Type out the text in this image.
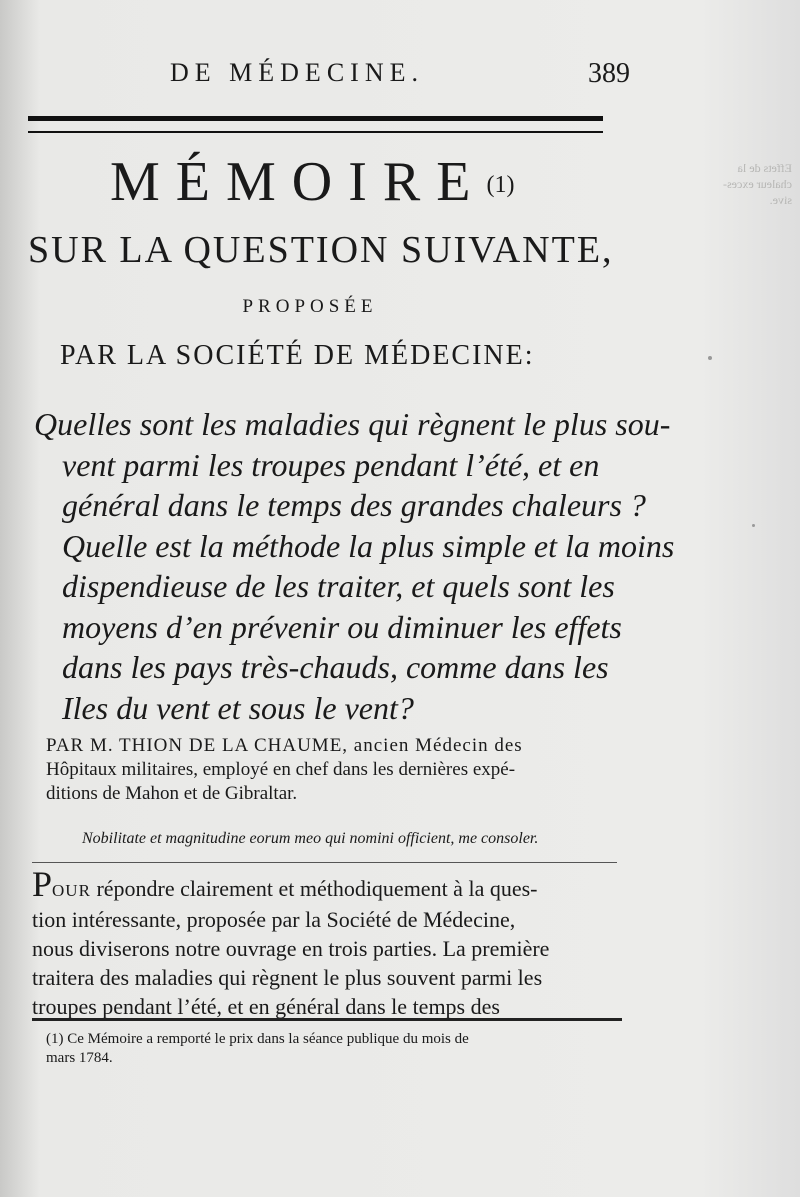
Effets de la
chaleur exces-
sive.
DE MÉDECINE.	389
MÉMOIRE(1)
SUR LA QUESTION SUIVANTE,
PROPOSÉE
PAR LA SOCIÉTÉ DE MÉDECINE:
Quelles sont les maladies qui règnent le plus sou-
vent parmi les troupes pendant l’été, et en
général dans le temps des grandes chaleurs ?
Quelle est la méthode la plus simple et la moins
dispendieuse de les traiter, et quels sont les
moyens d’en prévenir ou diminuer les effets
dans les pays très-chauds, comme dans les
Iles du vent et sous le vent?
PAR M. THION DE LA CHAUME, ancien Médecin des
Hôpitaux militaires, employé en chef dans les dernières expé-
ditions de Mahon et de Gibraltar.
Nobilitate et magnitudine eorum meo qui nomini officient, me consoler.
POUR répondre clairement et méthodiquement à la ques-
tion intéressante, proposée par la Société de Médecine,
nous diviserons notre ouvrage en trois parties. La première
traitera des maladies qui règnent le plus souvent parmi les
troupes pendant l’été, et en général dans le temps des
(1) Ce Mémoire a remporté le prix dans la séance publique du mois de
mars 1784.
